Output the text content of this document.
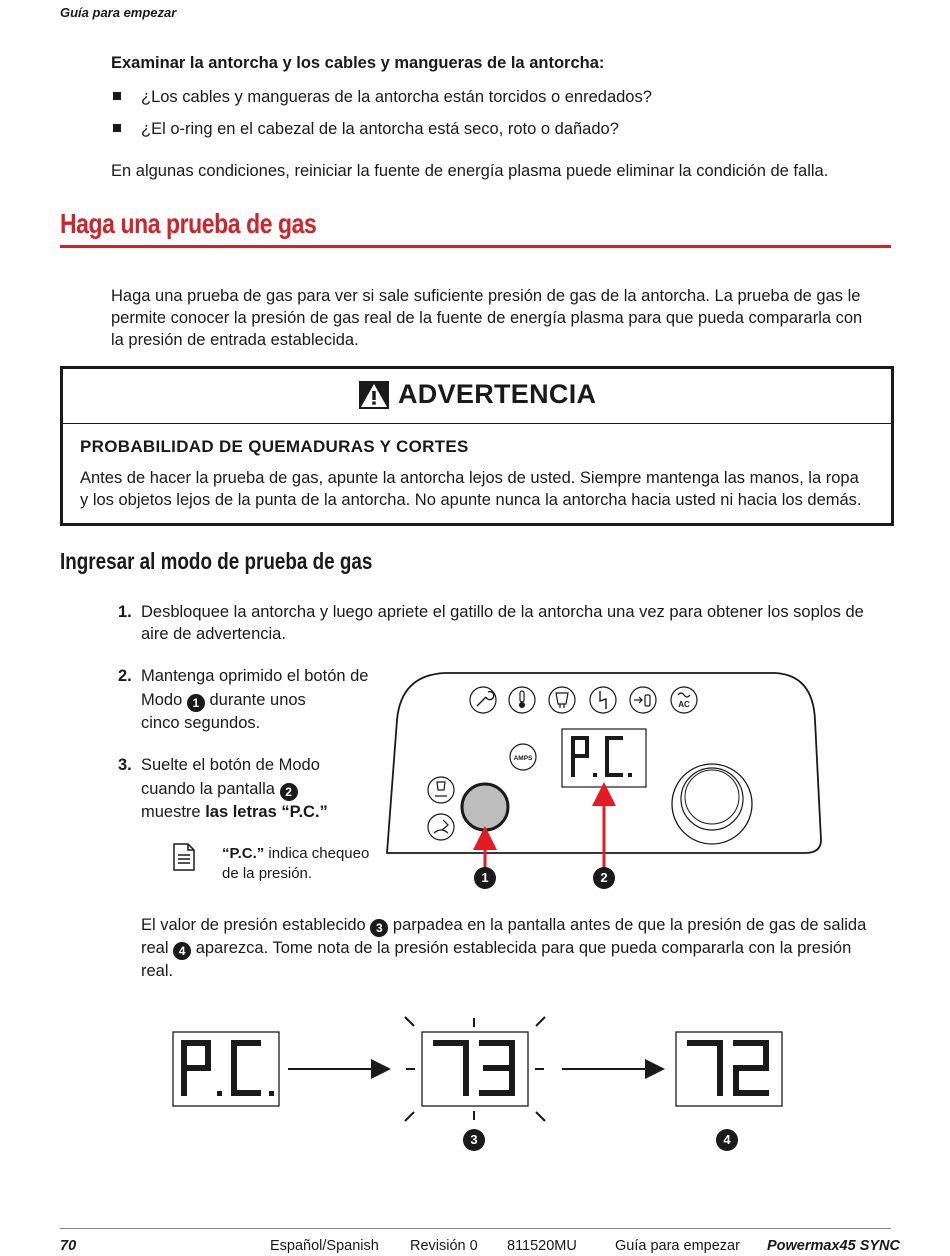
Guía para empezar
Examinar la antorcha y los cables y mangueras de la antorcha:
¿Los cables y mangueras de la antorcha están torcidos o enredados?
¿El o-ring en el cabezal de la antorcha está seco, roto o dañado?
En algunas condiciones, reiniciar la fuente de energía plasma puede eliminar la condición de falla.
Haga una prueba de gas
Haga una prueba de gas para ver si sale suficiente presión de gas de la antorcha. La prueba de gas le
permite conocer la presión de gas real de la fuente de energía plasma para que pueda compararla con
la presión de entrada establecida.
ADVERTENCIA
PROBABILIDAD DE QUEMADURAS Y CORTES
Antes de hacer la prueba de gas, apunte la antorcha lejos de usted. Siempre mantenga las manos, la ropa
y los objetos lejos de la punta de la antorcha. No apunte nunca la antorcha hacia usted ni hacia los demás.
Ingresar al modo de prueba de gas
1. Desbloquee la antorcha y luego apriete el gatillo de la antorcha una vez para obtener los soplos de
aire de advertencia.
2. Mantenga oprimido el botón de
Modo 1 durante unos
cinco segundos.
3. Suelte el botón de Modo
cuando la pantalla 2
muestre las letras “P.C.”
“P.C.” indica chequeo
de la presión.
AC
AMPS
1	2
El valor de presión establecido 3 parpadea en la pantalla antes de que la presión de gas de salida
real 4 aparezca. Tome nota de la presión establecida para que pueda compararla con la presión
real.
3	4
70	Español/Spanish Revisión 0 811520MU	Guía para empezar Powermax45 SYNC
